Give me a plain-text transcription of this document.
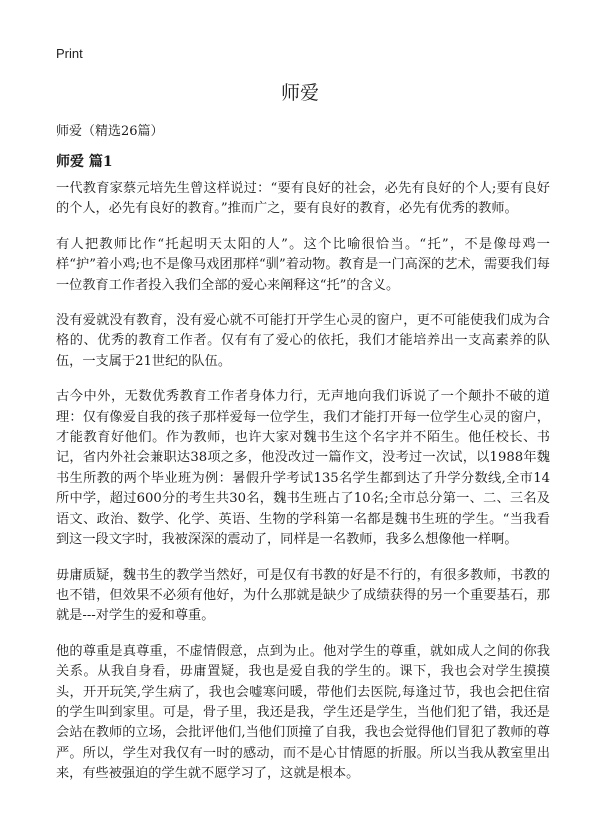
Print
师爱

师爱（精选26篇）

师爱 篇1

一代教育家蔡元培先生曾这样说过：“要有良好的社会，必先有良好的个人;要有良好的个人，必先有良好的教育。”推而广之，要有良好的教育，必先有优秀的教师。

有人把教师比作“托起明天太阳的人”。这个比喻很恰当。“托”，不是像母鸡一样“护”着小鸡;也不是像马戏团那样“驯”着动物。教育是一门高深的艺术，需要我们每一位教育工作者投入我们全部的爱心来阐释这“托”的含义。

没有爱就没有教育，没有爱心就不可能打开学生心灵的窗户，更不可能使我们成为合格的、优秀的教育工作者。仅有有了爱心的依托，我们才能培养出一支高素养的队伍，一支属于21世纪的队伍。

古今中外，无数优秀教育工作者身体力行，无声地向我们诉说了一个颠扑不破的道理：仅有像爱自我的孩子那样爱每一位学生，我们才能打开每一位学生心灵的窗户，才能教育好他们。作为教师，也许大家对魏书生这个名字并不陌生。他任校长、书记，省内外社会兼职达38项之多，他没改过一篇作文，没考过一次试，以1988年魏书生所教的两个毕业班为例：暑假升学考试135名学生都到达了升学分数线,全市14所中学，超过600分的考生共30名，魏书生班占了10名;全市总分第一、二、三名及语文、政治、数学、化学、英语、生物的学科第一名都是魏书生班的学生。“当我看到这一段文字时，我被深深的震动了，同样是一名教师，我多么想像他一样啊。

毋庸质疑，魏书生的教学当然好，可是仅有书教的好是不行的，有很多教师，书教的也不错，但效果不必须有他好，为什么那就是缺少了成绩获得的另一个重要基石，那就是---对学生的爱和尊重。

他的尊重是真尊重，不虚情假意，点到为止。他对学生的尊重，就如成人之间的你我关系。从我自身看，毋庸置疑，我也是爱自我的学生的。课下，我也会对学生摸摸头，开开玩笑,学生病了，我也会嘘寒问暖，带他们去医院,每逢过节，我也会把住宿的学生叫到家里。可是，骨子里，我还是我，学生还是学生，当他们犯了错，我还是会站在教师的立场，会批评他们,当他们顶撞了自我，我也会觉得他们冒犯了教师的尊严。所以，学生对我仅有一时的感动，而不是心甘情愿的折服。所以当我从教室里出来，有些被强迫的学生就不愿学习了，这就是根本。
